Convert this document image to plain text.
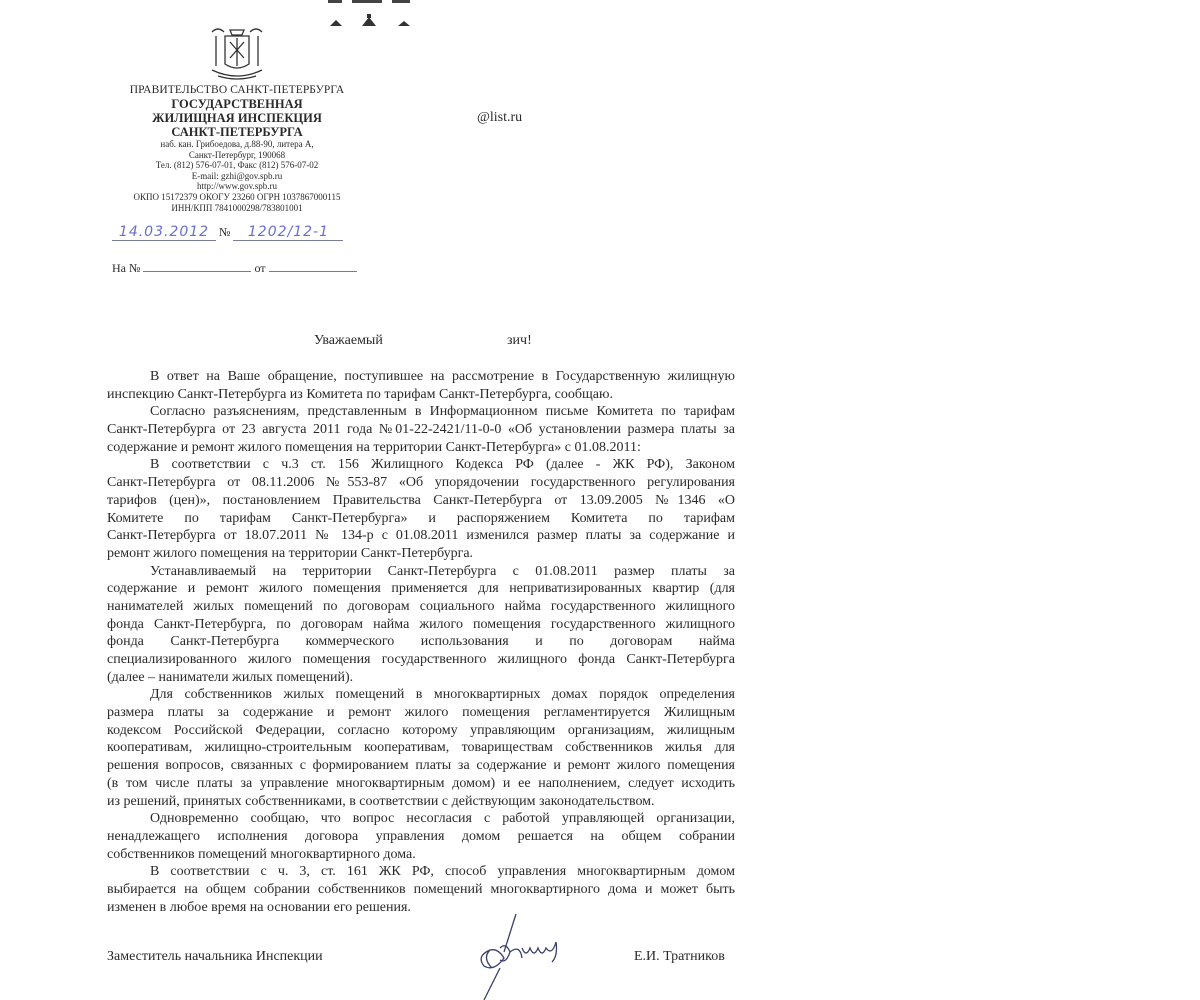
ПРАВИТЕЛЬСТВО САНКТ-ПЕТЕРБУРГА
ГОСУДАРСТВЕННАЯ
ЖИЛИЩНАЯ ИНСПЕКЦИЯ
САНКТ-ПЕТЕРБУРГА
наб. кан. Грибоедова, д.88-90, литера А,
Санкт-Петербург, 190068
Тел. (812) 576-07-01, Факс (812) 576-07-02
E-mail: gzhi@gov.spb.ru
http://www.gov.spb.ru
ОКПО 15172379 ОКОГУ 23260 ОГРН 1037867000115
ИНН/КПП 7841000298/783801001
@list.ru
14.03.2012 № 1202/12-1
На №	от
Уважаемый	зич!
В ответ на Ваше обращение, поступившее на рассмотрение в Государственную жилищную
инспекцию Санкт-Петербурга из Комитета по тарифам Санкт-Петербурга, сообщаю.
Согласно разъяснениям, представленным в Информационном письме Комитета по тарифам
Санкт-Петербурга от 23 августа 2011 года №01-22-2421/11-0-0 «Об установлении размера платы за
содержание и ремонт жилого помещения на территории Санкт-Петербурга» с 01.08.2011:
В соответствии с ч.3 ст. 156 Жилищного Кодекса РФ (далее - ЖК РФ), Законом
Санкт-Петербурга от 08.11.2006 №553-87 «Об упорядочении государственного регулирования
тарифов (цен)», постановлением Правительства Санкт-Петербурга от 13.09.2005 №1346 «О
Комитете по тарифам Санкт-Петербурга» и распоряжением Комитета по тарифам
Санкт-Петербурга от 18.07.2011 № 134-р с 01.08.2011 изменился размер платы за содержание и
ремонт жилого помещения на территории Санкт-Петербурга.
Устанавливаемый на территории Санкт-Петербурга с 01.08.2011 размер платы за
содержание и ремонт жилого помещения применяется для неприватизированных квартир (для
нанимателей жилых помещений по договорам социального найма государственного жилищного
фонда Санкт-Петербурга, по договорам найма жилого помещения государственного жилищного
фонда Санкт-Петербурга коммерческого использования и по договорам найма
специализированного жилого помещения государственного жилищного фонда Санкт-Петербурга
(далее – наниматели жилых помещений).
Для собственников жилых помещений в многоквартирных домах порядок определения
размера платы за содержание и ремонт жилого помещения регламентируется Жилищным
кодексом Российской Федерации, согласно которому управляющим организациям, жилищным
кооперативам, жилищно-строительным кооперативам, товариществам собственников жилья для
решения вопросов, связанных с формированием платы за содержание и ремонт жилого помещения
(в том числе платы за управление многоквартирным домом) и ее наполнением, следует исходить
из решений, принятых собственниками, в соответствии с действующим законодательством.
Одновременно сообщаю, что вопрос несогласия с работой управляющей организации,
ненадлежащего исполнения договора управления домом решается на общем собрании
собственников помещений многоквартирного дома.
В соответствии с ч. 3, ст. 161 ЖК РФ, способ управления многоквартирным домом
выбирается на общем собрании собственников помещений многоквартирного дома и может быть
изменен в любое время на основании его решения.
Заместитель начальника Инспекции	Е.И. Тратников
